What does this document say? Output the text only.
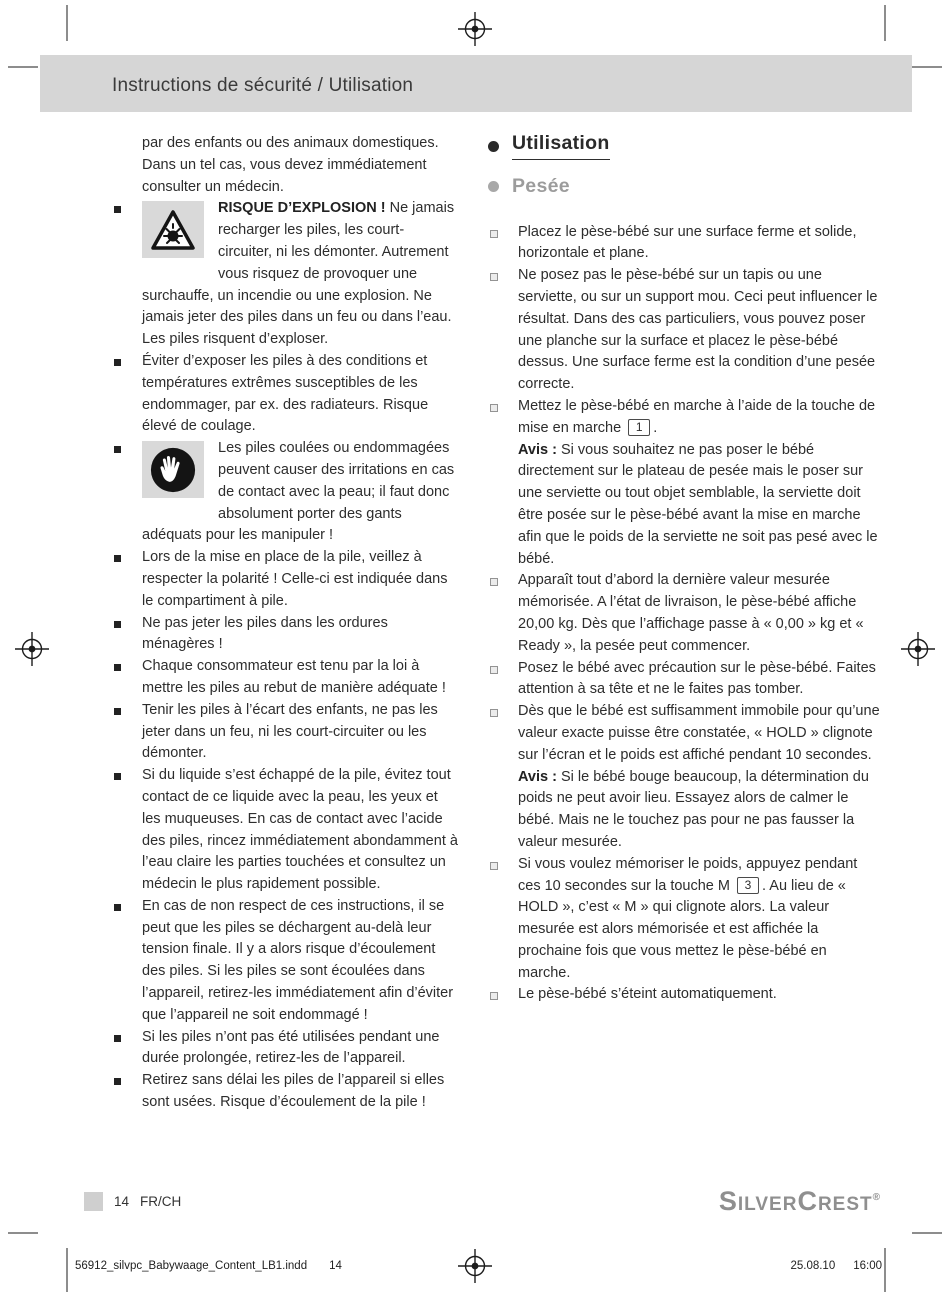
Instructions de sécurité / Utilisation

par des enfants ou des animaux domestiques. Dans un tel cas, vous devez immédiatement consulter un médecin.

RISQUE D’EXPLOSION ! Ne jamais recharger les piles, les court-circuiter, ni les démonter. Autrement vous risquez de provoquer une surchauffe, un incendie ou une explosion. Ne jamais jeter des piles dans un feu ou dans l’eau. Les piles risquent d’exploser.
Éviter d’exposer les piles à des conditions et températures extrêmes susceptibles de les endommager, par ex. des radiateurs. Risque élevé de coulage.
Les piles coulées ou endommagées peuvent causer des irritations en cas de contact avec la peau; il faut donc absolument porter des gants adéquats pour les manipuler !
Lors de la mise en place de la pile, veillez à respecter la polarité ! Celle-ci est indiquée dans le compartiment à pile.
Ne pas jeter les piles dans les ordures ménagères !
Chaque consommateur est tenu par la loi à mettre les piles au rebut de manière adéquate !
Tenir les piles à l’écart des enfants, ne pas les jeter dans un feu, ni les court-circuiter ou les démonter.
Si du liquide s’est échappé de la pile, évitez tout contact de ce liquide avec la peau, les yeux et les muqueuses. En cas de contact avec l’acide des piles, rincez immédiatement abondamment à l’eau claire les parties touchées et consultez un médecin le plus rapidement possible.
En cas de non respect de ces instructions, il se peut que les piles se déchargent au-delà leur tension finale. Il y a alors risque d’écoulement des piles. Si les piles se sont écoulées dans l’appareil, retirez-les immédiatement afin d’éviter que l’appareil ne soit endommagé !
Si les piles n’ont pas été utilisées pendant une durée prolongée, retirez-les de l’appareil.
Retirez sans délai les piles de l’appareil si elles sont usées. Risque d’écoulement de la pile !
Utilisation
Pesée
Placez le pèse-bébé sur une surface ferme et solide, horizontale et plane.
Ne posez pas le pèse-bébé sur un tapis ou une serviette, ou sur un support mou. Ceci peut influencer le résultat. Dans des cas particuliers, vous pouvez poser une planche sur la surface et placez le pèse-bébé dessus. Une surface ferme est la condition d’une pesée correcte.
Mettez le pèse-bébé en marche à l’aide de la touche de mise en marche 1 .
Avis : Si vous souhaitez ne pas poser le bébé directement sur le plateau de pesée mais le poser sur une serviette ou tout objet semblable, la serviette doit être posée sur le pèse-bébé avant la mise en marche afin que le poids de la serviette ne soit pas pesé avec le bébé.
Apparaît tout d’abord la dernière valeur mesurée mémorisée. A l’état de livraison, le pèse-bébé affiche 20,00 kg. Dès que l’affichage passe à « 0,00 » kg et « Ready », la pesée peut commencer.
Posez le bébé avec précaution sur le pèse-bébé. Faites attention à sa tête et ne le faites pas tomber.
Dès que le bébé est suffisamment immobile pour qu’une valeur exacte puisse être constatée, « HOLD » clignote sur l’écran et le poids est affiché pendant 10 secondes.
Avis : Si le bébé bouge beaucoup, la détermination du poids ne peut avoir lieu. Essayez alors de calmer le bébé. Mais ne le touchez pas pour ne pas fausser la valeur mesurée.
Si vous voulez mémoriser le poids, appuyez pendant ces 10 secondes sur la touche M 3 . Au lieu de « HOLD », c’est « M » qui clignote alors. La valeur mesurée est alors mémorisée et est affichée la prochaine fois que vous mettez le pèse-bébé en marche.
Le pèse-bébé s’éteint automatiquement.
14 FR/CH	SilverCrest®
56912_silvpc_Babywaage_Content_LB1.indd 14	25.08.10 16:00
